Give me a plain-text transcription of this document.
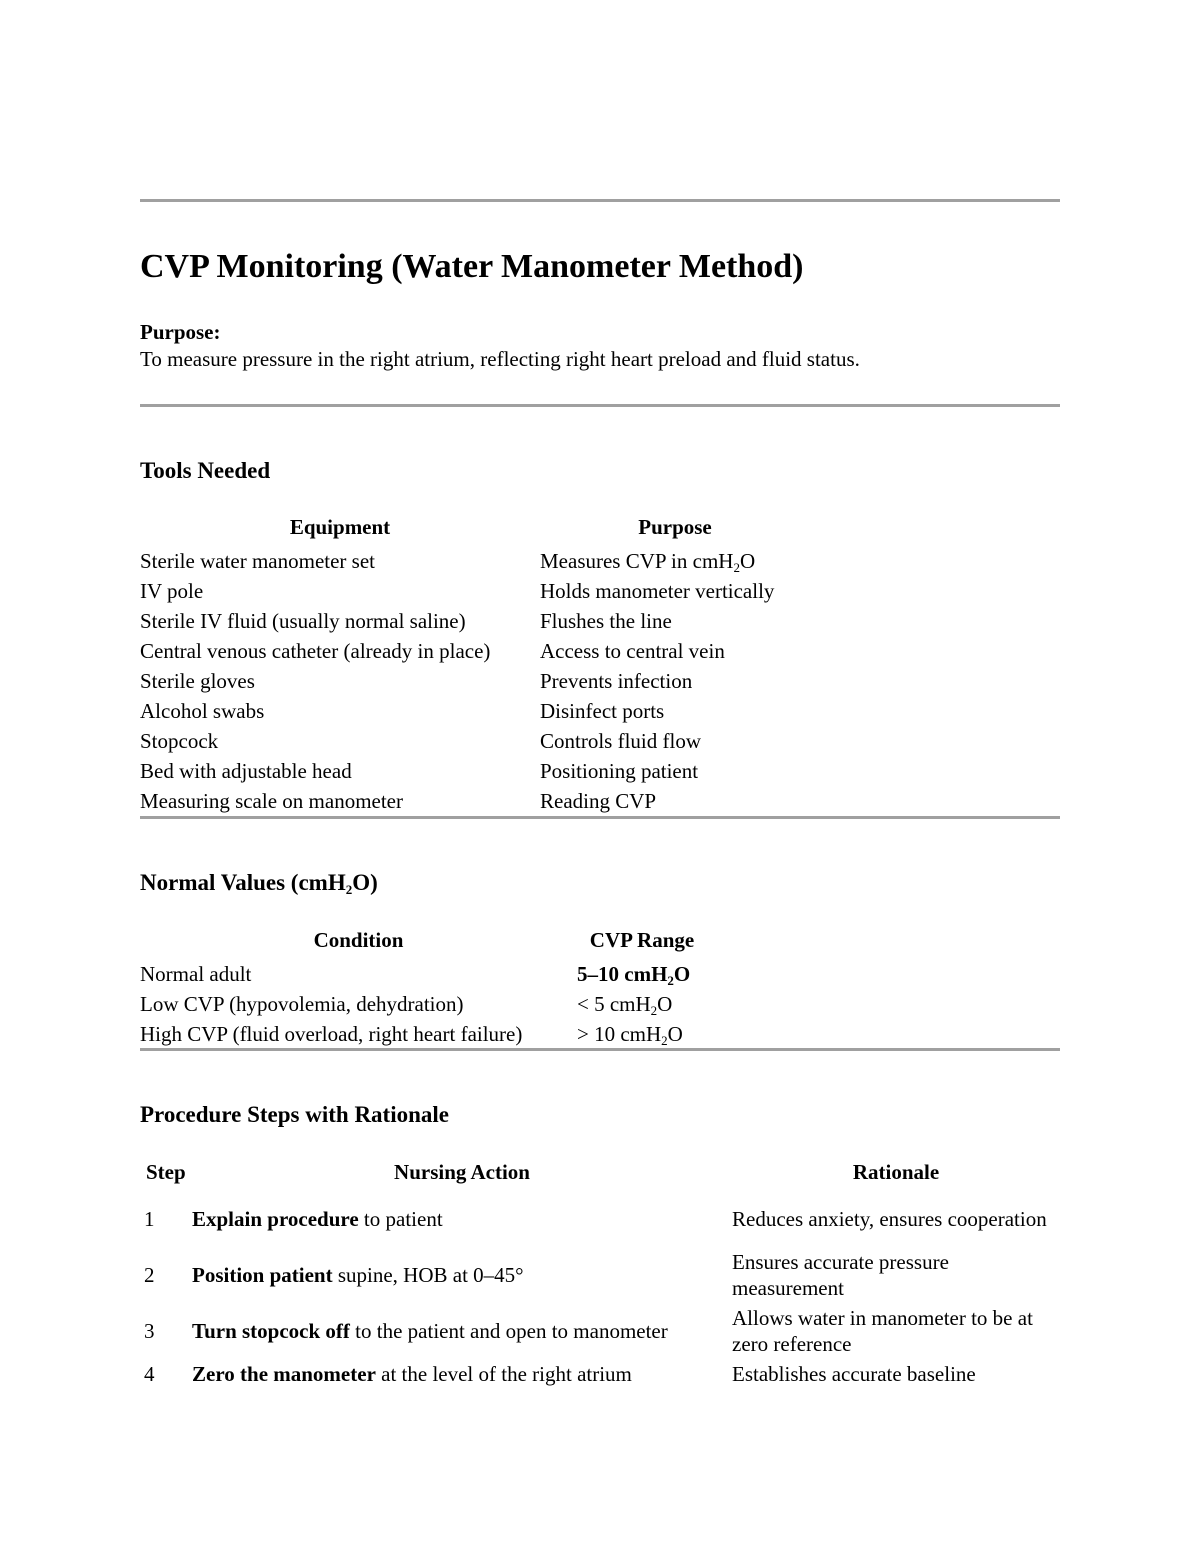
CVP Monitoring (Water Manometer Method)
Purpose:
To measure pressure in the right atrium, reflecting right heart preload and fluid status.
Tools Needed
Equipment	Purpose	
Sterile water manometer set	Measures CVP in cmH$_2$O	
IV pole	Holds manometer vertically	
Sterile IV fluid (usually normal saline)	Flushes the line	
Central venous catheter (already in place)	Access to central vein	
Sterile gloves	Prevents infection	
Alcohol swabs	Disinfect ports	
Stopcock	Controls fluid flow	
Bed with adjustable head	Positioning patient	
Measuring scale on manometer	Reading CVP	
Normal Values (cmH$_2$O)
Condition	CVP Range	
Normal adult	5–10 cmH$_2$O	
Low CVP (hypovolemia, dehydration)	< 5 cmH$_2$O	
High CVP (fluid overload, right heart failure)	> 10 cmH$_2$O	
Procedure Steps with Rationale
Step	Nursing Action	Rationale
1	Explain procedure to patient	Reduces anxiety, ensures cooperation
2	Position patient supine, HOB at 0–45°	Ensures accurate pressure measurement
3	Turn stopcock off to the patient and open to manometer	Allows water in manometer to be at zero reference
4	Zero the manometer at the level of the right atrium	Establishes accurate baseline
